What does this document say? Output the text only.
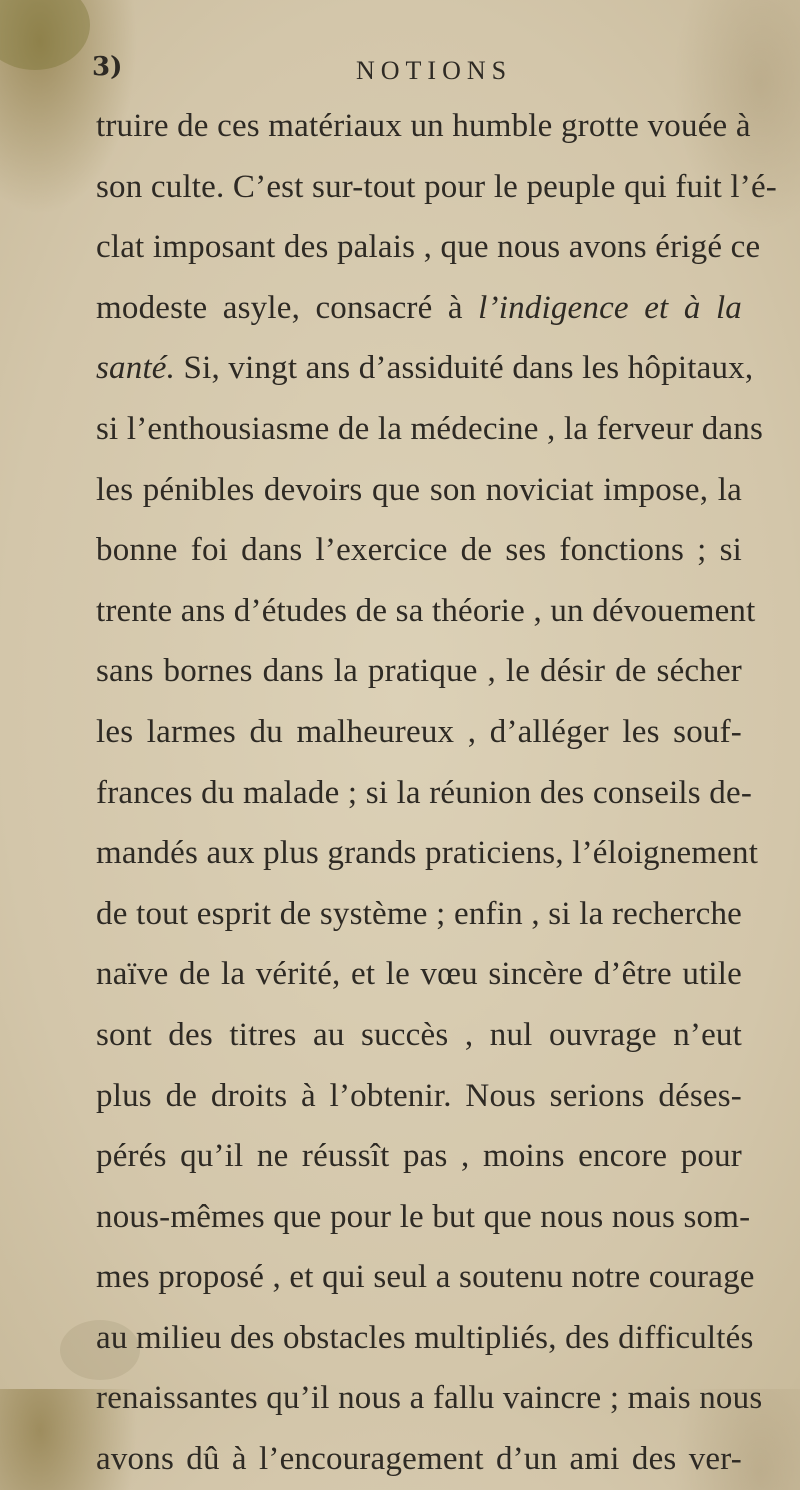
3)	NOTIONS
truire de ces matériaux un humble grotte vouée à
son culte. C’est sur-tout pour le peuple qui fuit l’é-
clat imposant des palais , que nous avons érigé ce
modeste asyle, consacré à l’indigence et à la
santé. Si, vingt ans d’assiduité dans les hôpitaux,
si l’enthousiasme de la médecine , la ferveur dans
les pénibles devoirs que son noviciat impose, la
bonne foi dans l’exercice de ses fonctions ; si
trente ans d’études de sa théorie , un dévouement
sans bornes dans la pratique , le désir de sécher
les larmes du malheureux , d’alléger les souf-
frances du malade ; si la réunion des conseils de-
mandés aux plus grands praticiens, l’éloignement
de tout esprit de système ; enfin , si la recherche
naïve de la vérité, et le vœu sincère d’être utile
sont des titres au succès , nul ouvrage n’eut
plus de droits à l’obtenir. Nous serions déses-
pérés qu’il ne réussît pas , moins encore pour
nous-mêmes que pour le but que nous nous som-
mes proposé , et qui seul a soutenu notre courage
au milieu des obstacles multipliés, des difficultés
renaissantes qu’il nous a fallu vaincre ; mais nous
avons dû à l’encouragement d’un ami des ver-
